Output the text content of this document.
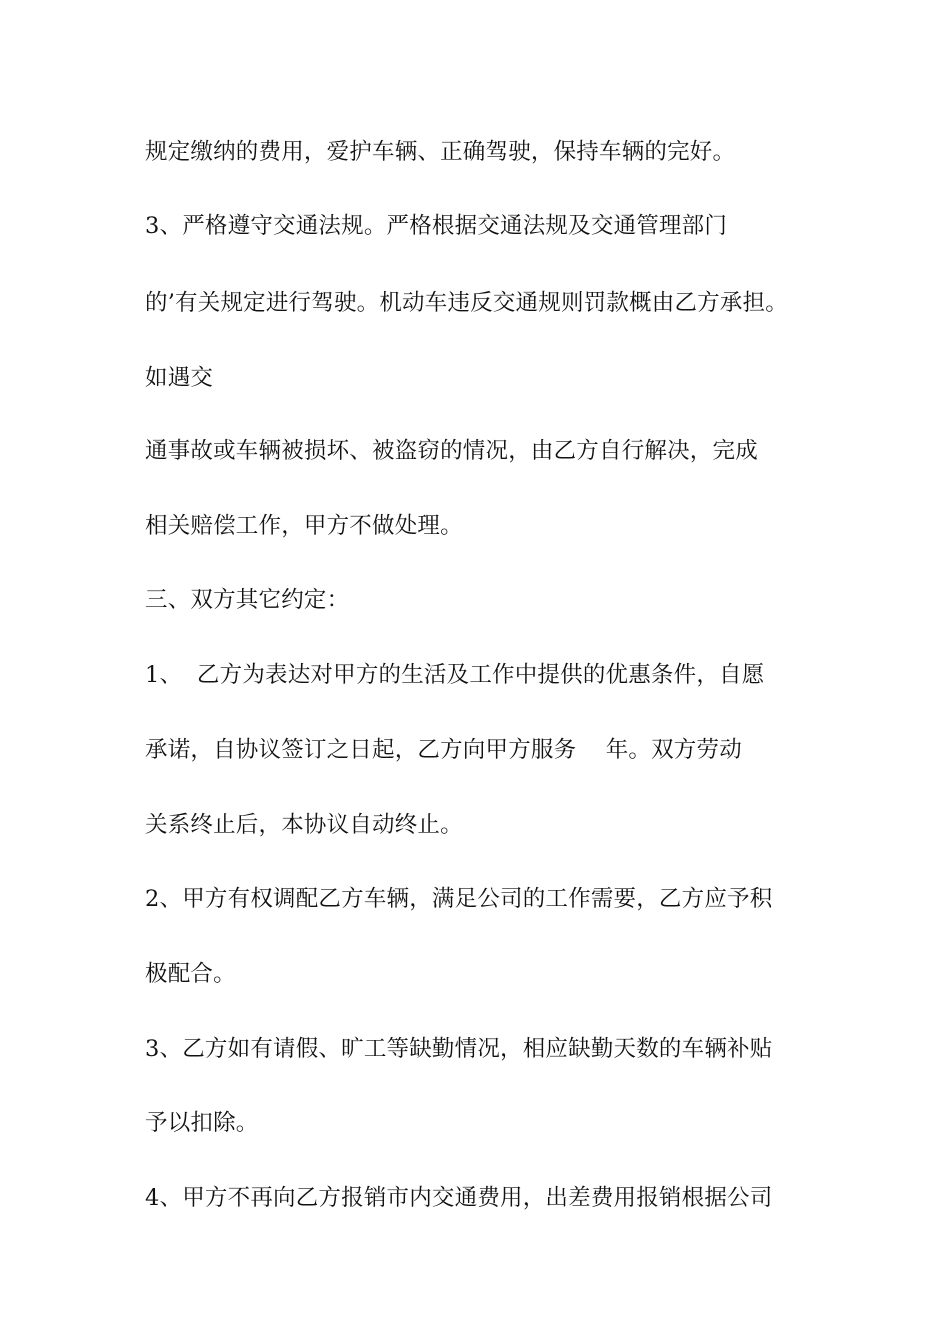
规定缴纳的费用，爱护车辆、正确驾驶，保持车辆的完好。
3、严格遵守交通法规。严格根据交通法规及交通管理部门
的’有关规定进行驾驶。机动车违反交通规则罚款概由乙方承担。
如遇交
通事故或车辆被损坏、被盗窃的情况，由乙方自行解决，完成
相关赔偿工作，甲方不做处理。
三、双方其它约定：
1、  乙方为表达对甲方的生活及工作中提供的优惠条件，自愿
承诺，自协议签订之日起，乙方向甲方服务    年。双方劳动
关系终止后，本协议自动终止。
2、甲方有权调配乙方车辆，满足公司的工作需要，乙方应予积
极配合。
3、乙方如有请假、旷工等缺勤情况，相应缺勤天数的车辆补贴
予以扣除。
4、甲方不再向乙方报销市内交通费用，出差费用报销根据公司
